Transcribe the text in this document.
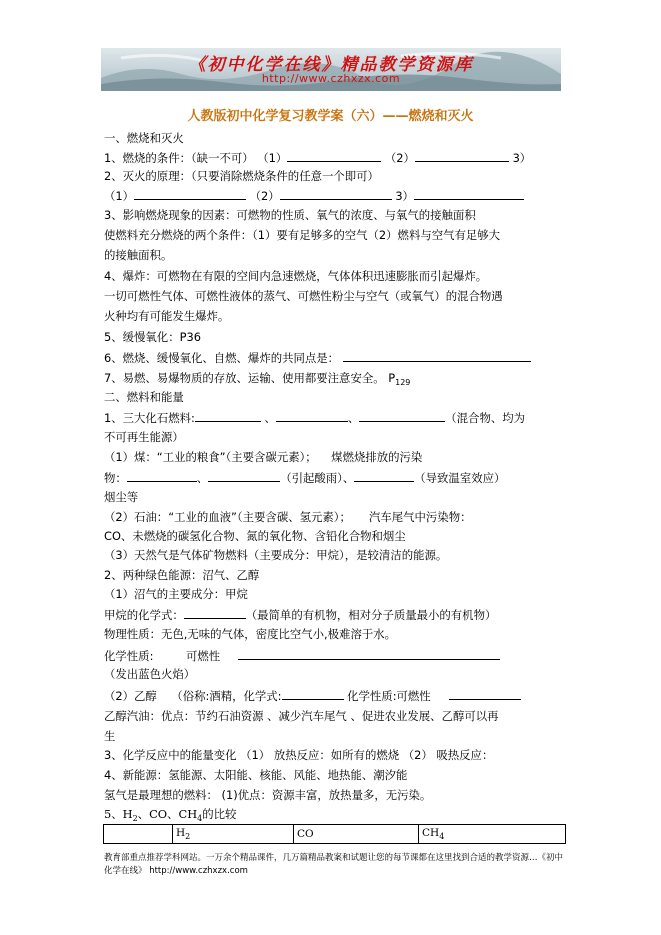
《初中化学在线》精品教学资源库
http://www.czhxzx.com
人教版初中化学复习教学案（六）——燃烧和灭火
一、燃烧和灭火
1、燃烧的条件：（缺一不可） （1）	（2）	3）
2、灭火的原理：（只要消除燃烧条件的任意一个即可）
（1）	（2）	3）
3、影响燃烧现象的因素：可燃物的性质、氧气的浓度、与氧气的接触面积
使燃料充分燃烧的两个条件：（1）要有足够多的空气（2）燃料与空气有足够大
的接触面积。
4、爆炸：可燃物在有限的空间内急速燃烧，气体体积迅速膨胀而引起爆炸。
一切可燃性气体、可燃性液体的蒸气、可燃性粉尘与空气（或氧气）的混合物遇
火种均有可能发生爆炸。
5、缓慢氧化：P36
6、燃烧、缓慢氧化、自燃、爆炸的共同点是：
7、易燃、易爆物质的存放、运输、使用都要注意安全。 $P_{129}$
二、燃料和能量
1、三大化石燃料:	、	、	（混合物、均为
不可再生能源）
（1）煤：“工业的粮食”（主要含碳元素）； 煤燃烧排放的污染
物：	、	（引起酸雨）、	（导致温室效应）
烟尘等
（2）石油：“工业的血液”（主要含碳、氢元素）； 汽车尾气中污染物：
CO、未燃烧的碳氢化合物、氮的氧化物、含铅化合物和烟尘
（3）天然气是气体矿物燃料（主要成分：甲烷），是较清洁的能源。
2、两种绿色能源：沼气、乙醇
（1）沼气的主要成分：甲烷
甲烷的化学式：	（最简单的有机物，相对分子质量最小的有机物）
物理性质：无色,无味的气体，密度比空气小,极难溶于水。
化学性质:	可燃性
（发出蓝色火焰）
（2）乙醇 （俗称:酒精，化学式:	化学性质:可燃性
乙醇汽油：优点：节约石油资源 、减少汽车尾气 、促进农业发展、乙醇可以再
生
3、化学反应中的能量变化 （1） 放热反应：如所有的燃烧 （2） 吸热反应：
4、新能源：氢能源、太阳能、核能、风能、地热能、潮汐能
氢气是最理想的燃料： (1)优点：资源丰富，放热量多，无污染。
5、$H_2$、CO、$CH_4$的比较
	$H_2$	CO	$CH_4$
教育部重点推荐学科网站。一万余个精品课件，几万篇精品教案和试题让您的每节课都在这里找到合适的教学资源…《初中化学在线》 http://www.czhxzx.com
